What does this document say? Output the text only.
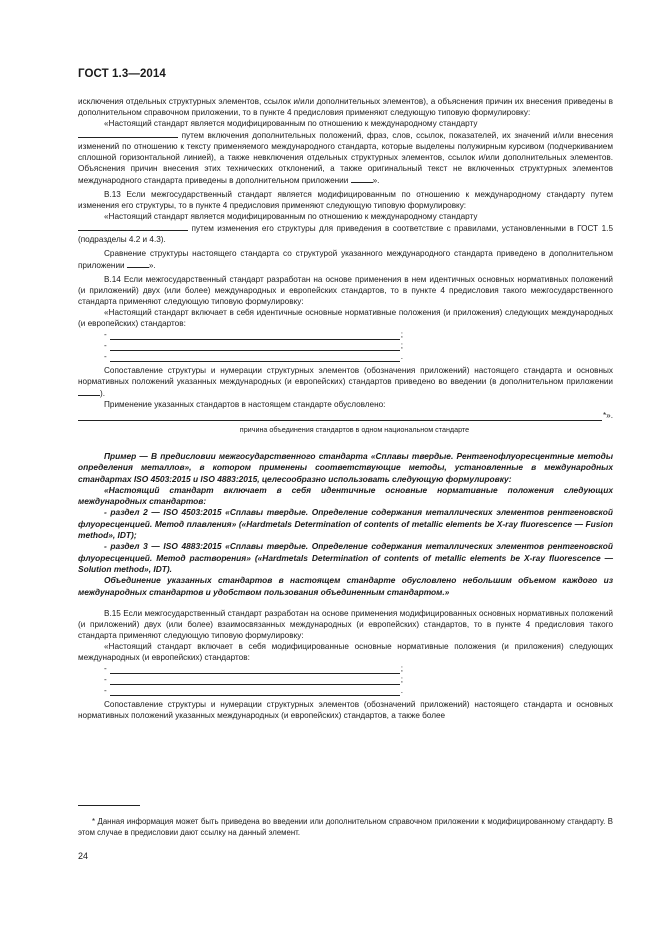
ГОСТ 1.3—2014

исключения отдельных структурных элементов, ссылок и/или дополнительных элементов), а объяснения причин их внесения приведены в дополнительном справочном приложении, то в пункте 4 предисловия применяют следующую типовую формулировку:

«Настоящий стандарт является модифицированным по отношению к международному стандарту

путем включения дополнительных положений, фраз, слов, ссылок, показателей, их значений и/или внесения изменений по отношению к тексту применяемого международного стандарта, которые выделены полужирным курсивом (подчеркиванием сплошной горизонтальной линией), а также невключения отдельных структурных элементов, ссылок и/или дополнительных элементов. Объяснения причин внесения этих технических отклонений, а также оригинальный текст не включенных структурных элементов международного стандарта приведены в дополнительном приложении	».

В.13 Если межгосударственный стандарт является модифицированным по отношению к международному стандарту путем изменения его структуры, то в пункте 4 предисловия применяют следующую типовую формулировку:

«Настоящий стандарт является модифицированным по отношению к международному стандарту

путем изменения его структуры для приведения в соответствие с правилами, установленными в ГОСТ 1.5 (подразделы 4.2 и 4.3).

Сравнение структуры настоящего стандарта со структурой указанного международного стандарта приведено в дополнительном приложении	».

В.14 Если межгосударственный стандарт разработан на основе применения в нем идентичных основных нормативных положений (и приложений) двух (или более) международных и европейских стандартов, то в пункте 4 предисловия такого межгосударственного стандарта применяют следующую типовую формулировку:

«Настоящий стандарт включает в себя идентичные основные нормативные положения (и приложения) следующих международных (и европейских) стандартов:

-	;
-	;
-	.

Сопоставление структуры и нумерации структурных элементов (обозначения приложений) настоящего стандарта и основных нормативных положений указанных международных (и европейских) стандартов приведено во введении (в дополнительном приложении ).

Применение указанных стандартов в настоящем стандарте обусловлено:

*».
причина объединения стандартов в одном национальном стандарте

Пример — В предисловии межгосударственного стандарта «Сплавы твердые. Рентгенофлуоресцентные методы определения металлов», в котором применены соответствующие методы, установленные в международных стандартах ISO 4503:2015 и ISO 4883:2015, целесообразно использовать следующую формулировку:

«Настоящий стандарт включает в себя идентичные основные нормативные положения следующих международных стандартов:

- раздел 2 — ISO 4503:2015 «Сплавы твердые. Определение содержания металлических элементов рентгеновской флуоресценцией. Метод плавления» («Hardmetals Determination of contents of metallic elements be X-ray fluorescence — Fusion method», IDT);

- раздел 3 — ISO 4883:2015 «Сплавы твердые. Определение содержания металлических элементов рентгеновской флуоресценцией. Метод растворения» («Hardmetals Determination of contents of metallic elements be X-ray fluorescence — Solution method», IDT).

Объединение указанных стандартов в настоящем стандарте обусловлено небольшим объемом каждого из международных стандартов и удобством пользования объединенным стандартом.»

В.15 Если межгосударственный стандарт разработан на основе применения модифицированных основных нормативных положений (и приложений) двух (или более) взаимосвязанных международных (и европейских) стандартов, то в пункте 4 предисловия такого стандарта применяют следующую типовую формулировку:

«Настоящий стандарт включает в себя модифицированные основные нормативные положения (и приложения) следующих международных (и европейских) стандартов:

-	;
-	;
-	.

Сопоставление структуры и нумерации структурных элементов (обозначений приложений) настоящего стандарта и основных нормативных положений указанных международных (и европейских) стандартов, а также более

* Данная информация может быть приведена во введении или дополнительном справочном приложении к модифицированному стандарту. В этом случае в предисловии дают ссылку на данный элемент.

24
